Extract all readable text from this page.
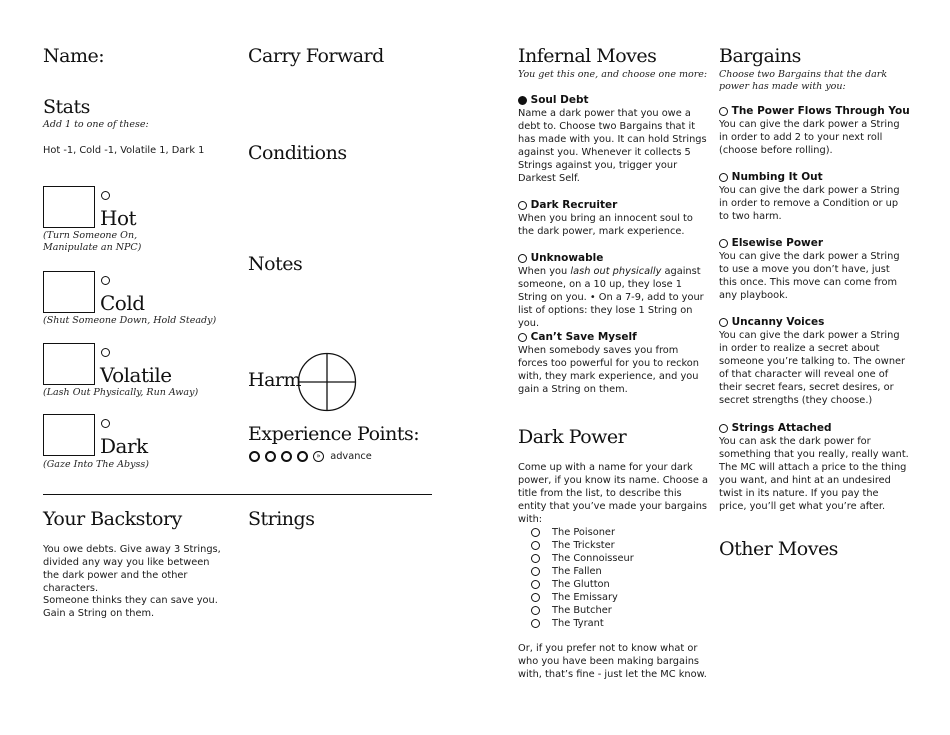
Name:
Stats
Add 1 to one of these:
Hot -1, Cold -1, Volatile 1, Dark 1
Hot
(Turn Someone On, Manipulate an NPC)
Cold
(Shut Someone Down, Hold Steady)
Volatile
(Lash Out Physically, Run Away)
Dark
(Gaze Into The Abyss)
Carry Forward
Conditions
Notes
Harm
Experience Points:
» advance
Your Backstory
You owe debts. Give away 3 Strings, divided any way you like between the dark power and the other characters.
Someone thinks they can save you. Gain a String on them.
Strings
Infernal Moves
You get this one, and choose one more:
Soul Debt
Name a dark power that you owe a debt to. Choose two Bargains that it has made with you. It can hold Strings against you. Whenever it collects 5 Strings against you, trigger your Darkest Self.
Dark Recruiter
When you bring an innocent soul to the dark power, mark experience.
Unknowable
When you lash out physically against someone, on a 10 up, they lose 1 String on you. • On a 7-9, add to your list of options: they lose 1 String on you.
Can’t Save Myself
When somebody saves you from forces too powerful for you to reckon with, they mark experience, and you gain a String on them.
Dark Power
Come up with a name for your dark power, if you know its name. Choose a title from the list, to describe this entity that you’ve made your bargains with:
The Poisoner
The Trickster
The Connoisseur
The Fallen
The Glutton
The Emissary
The Butcher
The Tyrant
Or, if you prefer not to know what or who you have been making bargains with, that’s fine - just let the MC know.
Bargains
Choose two Bargains that the dark power has made with you:
The Power Flows Through You
You can give the dark power a String in order to add 2 to your next roll (choose before rolling).
Numbing It Out
You can give the dark power a String in order to remove a Condition or up to two harm.
Elsewise Power
You can give the dark power a String to use a move you don’t have, just this once. This move can come from any playbook.
Uncanny Voices
You can give the dark power a String in order to realize a secret about someone you’re talking to. The owner of that character will reveal one of their secret fears, secret desires, or secret strengths (they choose.)
Strings Attached
You can ask the dark power for something that you really, really want. The MC will attach a price to the thing you want, and hint at an undesired twist in its nature. If you pay the price, you’ll get what you’re after.
Other Moves
